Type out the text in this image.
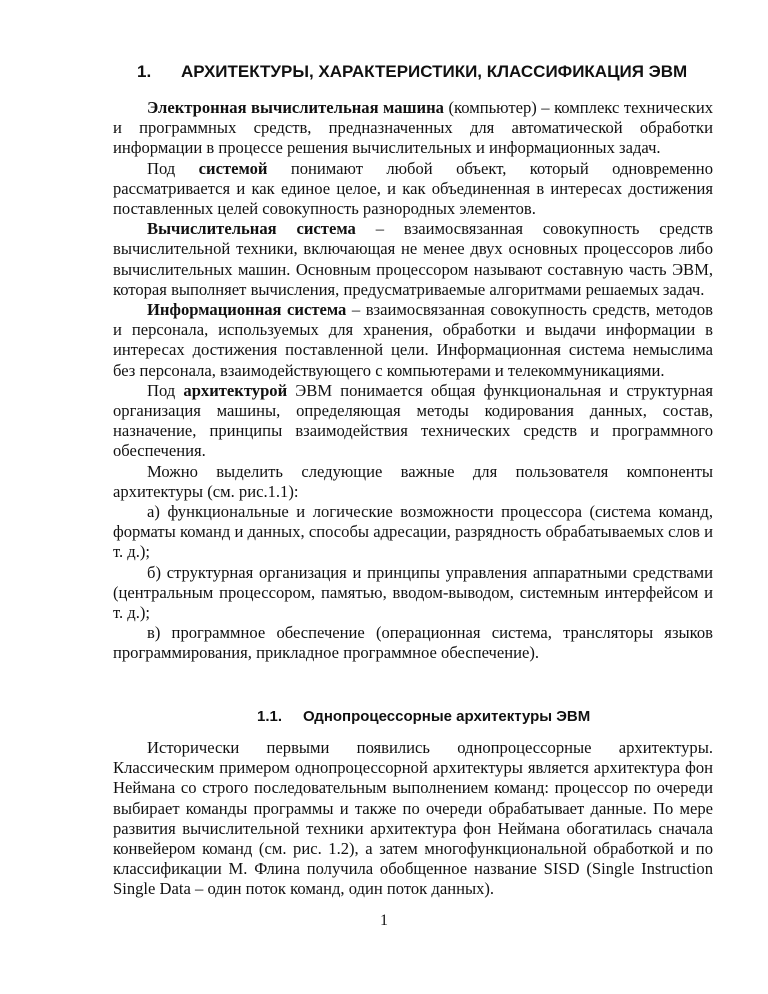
1. АРХИТЕКТУРЫ, ХАРАКТЕРИСТИКИ, КЛАССИФИКАЦИЯ ЭВМ

Электронная вычислительная машина (компьютер) – комплекс технических и программных средств, предназначенных для автоматической обработки информации в процессе решения вычислительных и информационных задач.

Под системой понимают любой объект, который одновременно рассматривается и как единое целое, и как объединенная в интересах достижения поставленных целей совокупность разнородных элементов.

Вычислительная система – взаимосвязанная совокупность средств вычислительной техники, включающая не менее двух основных процессоров либо вычислительных машин. Основным процессором называют составную часть ЭВМ, которая выполняет вычисления, предусматриваемые алгоритмами решаемых задач.

Информационная система – взаимосвязанная совокупность средств, методов и персонала, используемых для хранения, обработки и выдачи информации в интересах достижения поставленной цели. Информационная система немыслима без персонала, взаимодействующего с компьютерами и телекоммуникациями.

Под архитектурой ЭВМ понимается общая функциональная и структурная организация машины, определяющая методы кодирования данных, состав, назначение, принципы взаимодействия технических средств и программного обеспечения.

Можно выделить следующие важные для пользователя компоненты архитектуры (см. рис.1.1):

а) функциональные и логические возможности процессора (система команд, форматы команд и данных, способы адресации, разрядность обрабатываемых слов и т. д.);

б) структурная организация и принципы управления аппаратными средствами (центральным процессором, памятью, вводом-выводом, системным интерфейсом и т. д.);

в) программное обеспечение (операционная система, трансляторы языков программирования, прикладное программное обеспечение).

1.1. Однопроцессорные архитектуры ЭВМ

Исторически первыми появились однопроцессорные архитектуры. Классическим примером однопроцессорной архитектуры является архитектура фон Неймана со строго последовательным выполнением команд: процессор по очереди выбирает команды программы и также по очереди обрабатывает данные. По мере развития вычислительной техники архитектура фон Неймана обогатилась сначала конвейером команд (см. рис. 1.2), а затем многофункциональной обработкой и по классификации М. Флина получила обобщенное название SISD (Single Instruction Single Data – один поток команд, один поток данных).

1
